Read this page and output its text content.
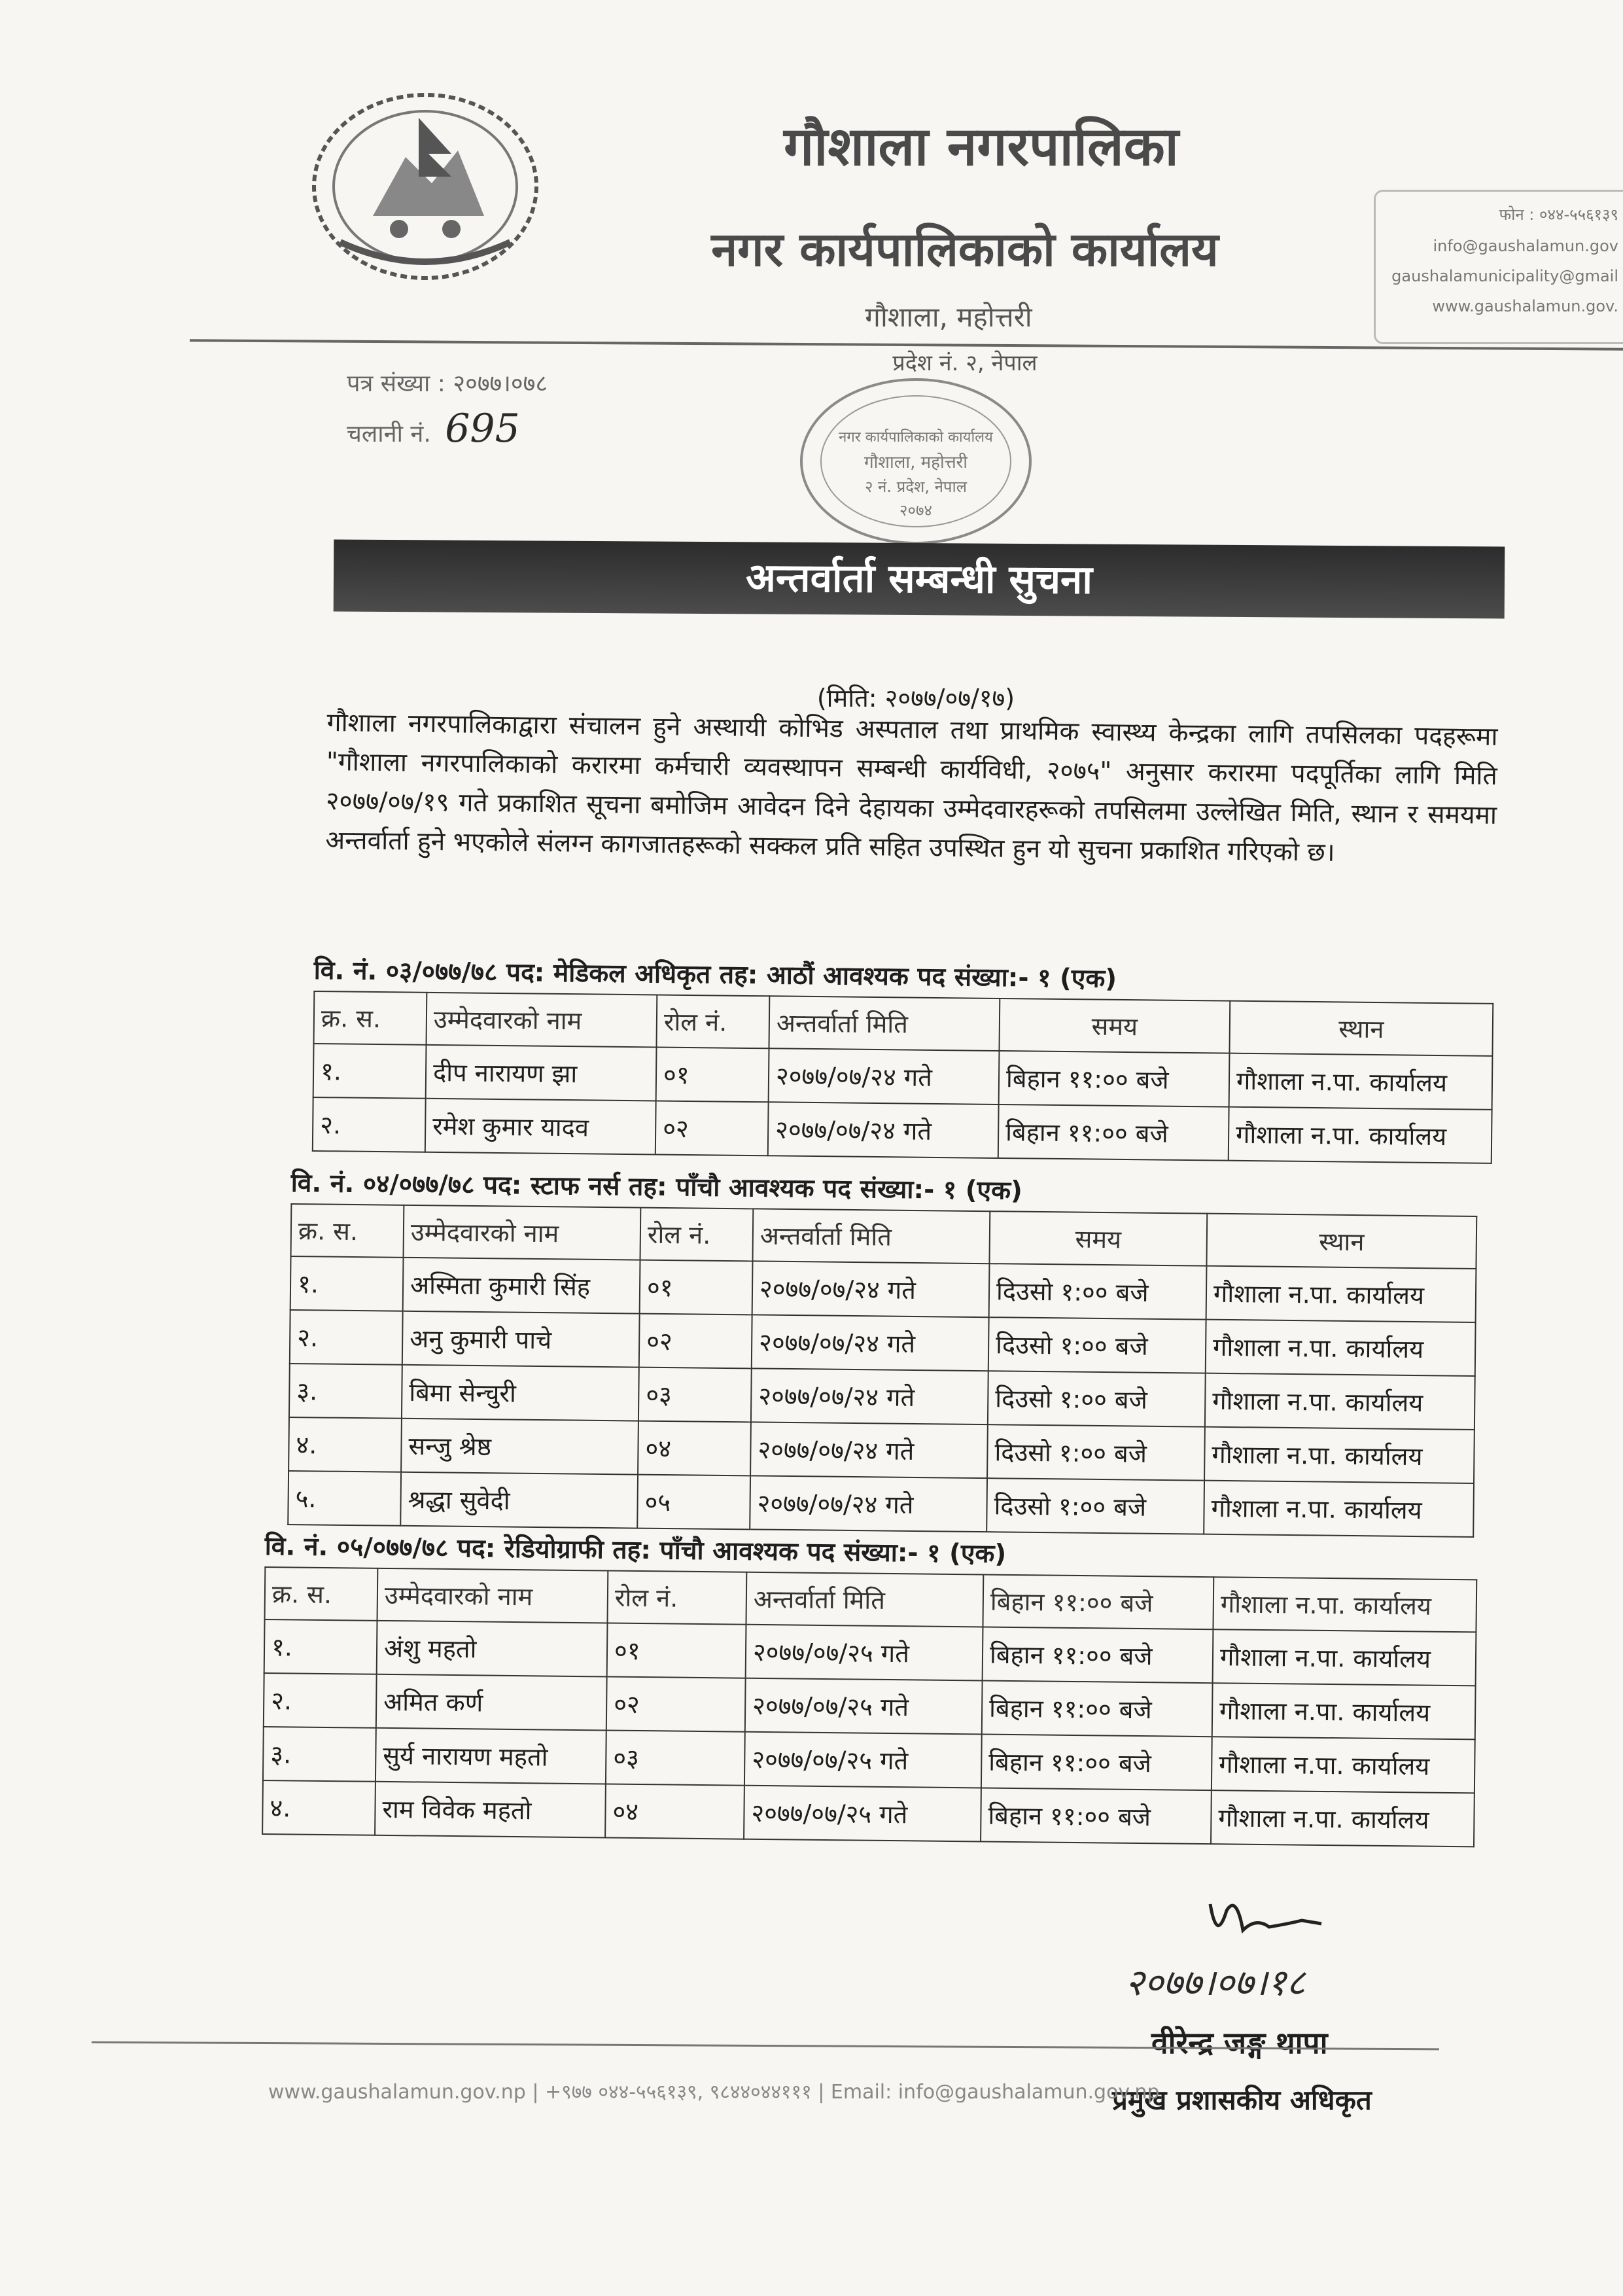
गौशाला नगरपालिका
नगर कार्यपालिकाको कार्यालय
गौशाला, महोत्तरी
प्रदेश नं. २, नेपाल
फोन : ०४४-५५६१३९
info@gaushalamun.gov
gaushalamunicipality@gmail
www.gaushalamun.gov.
पत्र संख्या : २०७७।०७८
चलानी नं. 695	नगर कार्यपालिकाको कार्यालय
गौशाला, महोत्तरी
२ नं. प्रदेश, नेपाल
२०७४
अन्तर्वार्ता सम्बन्धी सुचना
(मिति: २०७७/०७/१७)
गौशाला नगरपालिकाद्वारा संचालन हुने अस्थायी कोभिड अस्पताल तथा प्राथमिक स्वास्थ्य केन्द्रका लागि तपसिलका पदहरूमा "गौशाला नगरपालिकाको करारमा कर्मचारी व्यवस्थापन सम्बन्धी कार्यविधी, २०७५" अनुसार करारमा पदपूर्तिका लागि मिति २०७७/०७/१९ गते प्रकाशित सूचना बमोजिम आवेदन दिने देहायका उम्मेदवारहरूको तपसिलमा उल्लेखित मिति, स्थान र समयमा अन्तर्वार्ता हुने भएकोले संलग्न कागजातहरूको सक्कल प्रति सहित उपस्थित हुन यो सुचना प्रकाशित गरिएको छ।
वि. नं. ०३/०७७/७८ पद: मेडिकल अधिकृत तह: आठौं आवश्यक पद संख्या:- १ (एक)
क्र. स.	उम्मेदवारको नाम	रोल नं.	अन्तर्वार्ता मिति	समय	स्थान
१.	दीप नारायण झा	०१	२०७७/०७/२४ गते	बिहान ११:०० बजे	गौशाला न.पा. कार्यालय
२.	रमेश कुमार यादव	०२	२०७७/०७/२४ गते	बिहान ११:०० बजे	गौशाला न.पा. कार्यालय
वि. नं. ०४/०७७/७८ पद: स्टाफ नर्स तह: पाँचौ आवश्यक पद संख्या:- १ (एक)
क्र. स.	उम्मेदवारको नाम	रोल नं.	अन्तर्वार्ता मिति	समय	स्थान
१.	अस्मिता कुमारी सिंह	०१	२०७७/०७/२४ गते	दिउसो १:०० बजे	गौशाला न.पा. कार्यालय
२.	अनु कुमारी पाचे	०२	२०७७/०७/२४ गते	दिउसो १:०० बजे	गौशाला न.पा. कार्यालय
३.	बिमा सेन्चुरी	०३	२०७७/०७/२४ गते	दिउसो १:०० बजे	गौशाला न.पा. कार्यालय
४.	सन्जु श्रेष्ठ	०४	२०७७/०७/२४ गते	दिउसो १:०० बजे	गौशाला न.पा. कार्यालय
५.	श्रद्धा सुवेदी	०५	२०७७/०७/२४ गते	दिउसो १:०० बजे	गौशाला न.पा. कार्यालय
वि. नं. ०५/०७७/७८ पद: रेडियोग्राफी तह: पाँचौ आवश्यक पद संख्या:- १ (एक)
क्र. स.	उम्मेदवारको नाम	रोल नं.	अन्तर्वार्ता मिति	बिहान ११:०० बजे	गौशाला न.पा. कार्यालय
१.	अंशु महतो	०१	२०७७/०७/२५ गते	बिहान ११:०० बजे	गौशाला न.पा. कार्यालय
२.	अमित कर्ण	०२	२०७७/०७/२५ गते	बिहान ११:०० बजे	गौशाला न.पा. कार्यालय
३.	सुर्य नारायण महतो	०३	२०७७/०७/२५ गते	बिहान ११:०० बजे	गौशाला न.पा. कार्यालय
४.	राम विवेक महतो	०४	२०७७/०७/२५ गते	बिहान ११:०० बजे	गौशाला न.पा. कार्यालय
२०७७।०७।१८
वीरेन्द्र जङ्ग थापा
प्रमुख प्रशासकीय अधिकृत
www.gaushalamun.gov.np | +९७७ ०४४-५५६१३९, ९८४४०४४१११ | Email: info@gaushalamun.gov.np
